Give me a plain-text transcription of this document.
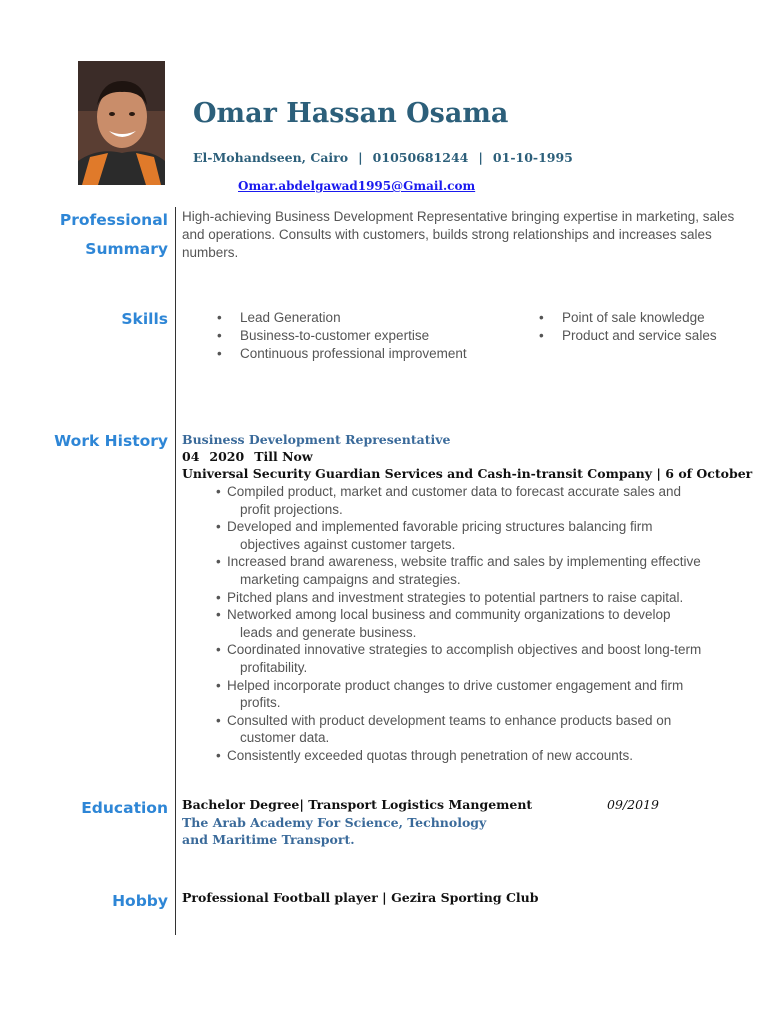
Omar Hassan Osama
El-Mohandseen, Cairo | 01050681244 | 01-10-1995
Omar.abdelgawad1995@Gmail.com
Professional
Summary
Skills
Work History
Education
Hobby
High-achieving Business Development Representative bringing expertise in marketing, sales and operations. Consults with customers, builds strong relationships and increases sales numbers.
• Lead Generation
• Business-to-customer expertise
• Continuous professional improvement
• Point of sale knowledge
• Product and service sales
Business Development Representative
04 2020 Till Now
Universal Security Guardian Services and Cash-in-transit Company | 6 of October
• Compiled product, market and customer data to forecast accurate sales and
profit projections.
• Developed and implemented favorable pricing structures balancing firm
objectives against customer targets.
• Increased brand awareness, website traffic and sales by implementing effective
marketing campaigns and strategies.
• Pitched plans and investment strategies to potential partners to raise capital.
• Networked among local business and community organizations to develop
leads and generate business.
• Coordinated innovative strategies to accomplish objectives and boost long-term
profitability.
• Helped incorporate product changes to drive customer engagement and firm
profits.
• Consulted with product development teams to enhance products based on
customer data.
• Consistently exceeded quotas through penetration of new accounts.
Bachelor Degree| Transport Logistics Mangement	09/2019
The Arab Academy For Science, Technology and Maritime Transport.
Professional Football player | Gezira Sporting Club
